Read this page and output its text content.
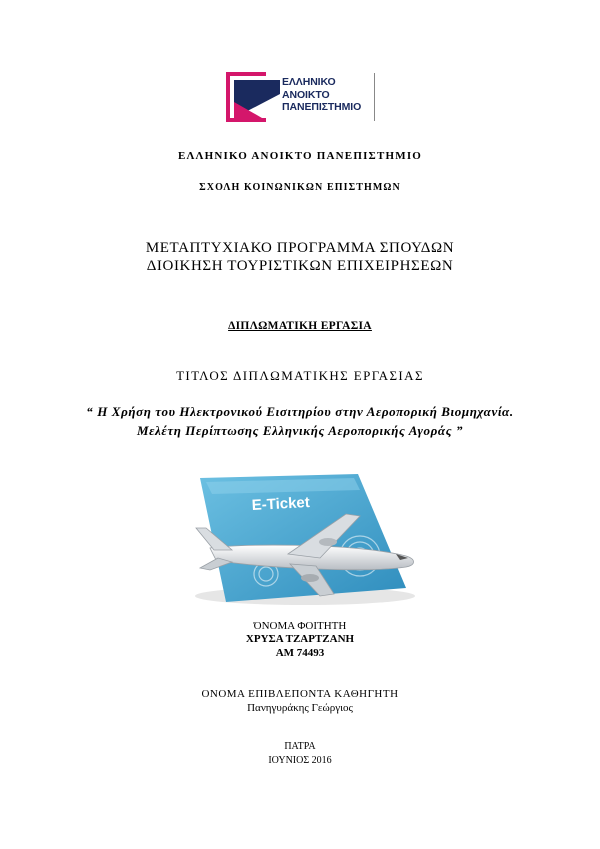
ΕΛΛΗΝΙΚΟ
ΑΝΟΙΚΤΟ
ΠΑΝΕΠΙΣΤΗΜΙΟ
ΕΛΛΗΝΙΚΟ ΑΝΟΙΚΤΟ ΠΑΝΕΠΙΣΤΗΜΙΟ
ΣΧΟΛΗ ΚΟΙΝΩΝΙΚΩΝ ΕΠΙΣΤΗΜΩΝ
ΜΕΤΑΠΤΥΧΙΑΚΟ ΠΡΟΓΡΑΜΜΑ ΣΠΟΥΔΩΝ
ΔΙΟΙΚΗΣΗ ΤΟΥΡΙΣΤΙΚΩΝ ΕΠΙΧΕΙΡΗΣΕΩΝ
ΔΙΠΛΩΜΑΤΙΚΗ ΕΡΓΑΣΙΑ
ΤΙΤΛΟΣ ΔΙΠΛΩΜΑΤΙΚΗΣ ΕΡΓΑΣΙΑΣ
“ Η Χρήση του Ηλεκτρονικού Εισιτηρίου στην Αεροπορική Βιομηχανία. Μελέτη Περίπτωσης Ελληνικής Αεροπορικής Αγοράς ”
E-Ticket
ΌΝΟΜΑ ΦΟΙΤΗΤΗ
ΧΡΥΣΑ ΤΖΑΡΤΖΑΝΗ
ΑΜ 74493
ΟΝΟΜΑ ΕΠΙΒΛΕΠΟΝΤΑ ΚΑΘΗΓΗΤΗ
Πανηγυράκης Γεώργιος
ΠΑΤΡΑ
ΙΟΥΝΙΟΣ 2016
